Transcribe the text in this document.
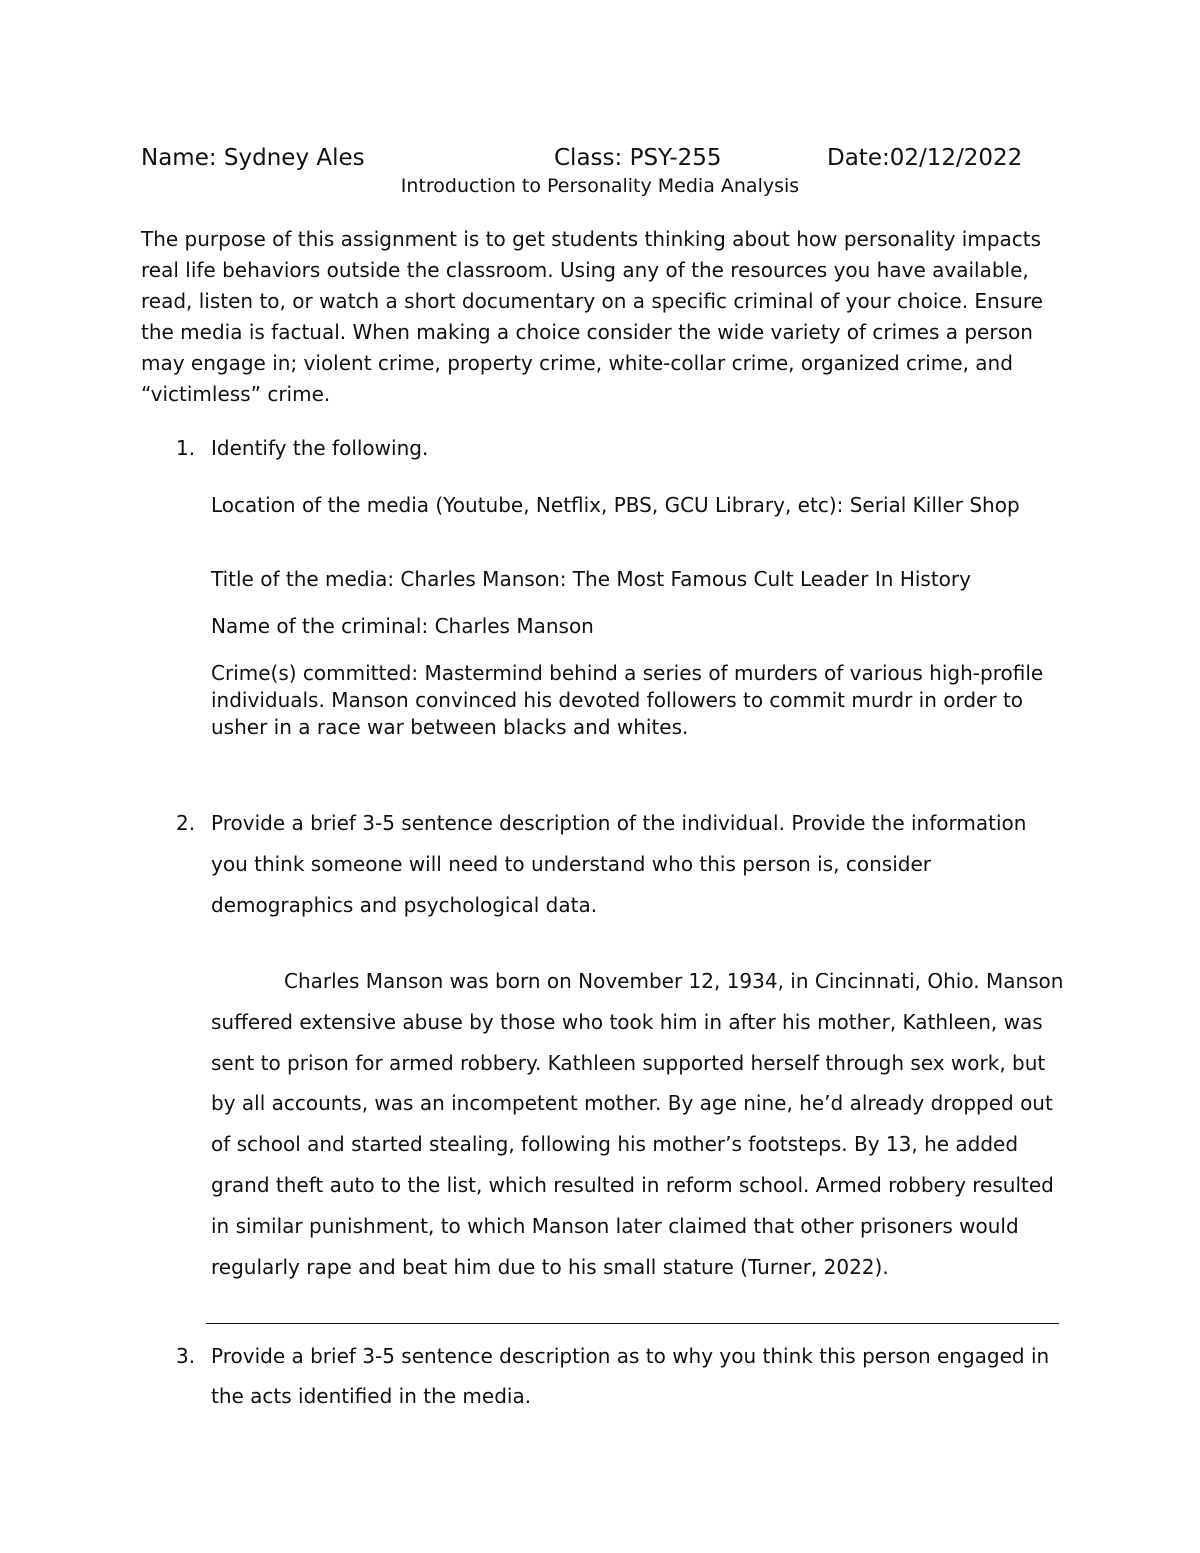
Name: Sydney Ales	Class: PSY-255	Date:02/12/2022
Introduction to Personality Media Analysis

The purpose of this assignment is to get students thinking about how personality impacts real life behaviors outside the classroom. Using any of the resources you have available, read, listen to, or watch a short documentary on a specific criminal of your choice. Ensure the media is factual. When making a choice consider the wide variety of crimes a person may engage in; violent crime, property crime, white-collar crime, organized crime, and “victimless” crime.

1. Identify the following.

Location of the media (Youtube, Netflix, PBS, GCU Library, etc): Serial Killer Shop

Title of the media: Charles Manson: The Most Famous Cult Leader In History

Name of the criminal: Charles Manson

Crime(s) committed: Mastermind behind a series of murders of various high-profile individuals. Manson convinced his devoted followers to commit murdr in order to usher in a race war between blacks and whites.

2. Provide a brief 3-5 sentence description of the individual. Provide the information you think someone will need to understand who this person is, consider demographics and psychological data.

Charles Manson was born on November 12, 1934, in Cincinnati, Ohio. Manson suffered extensive abuse by those who took him in after his mother, Kathleen, was sent to prison for armed robbery. Kathleen supported herself through sex work, but by all accounts, was an incompetent mother. By age nine, he’d already dropped out of school and started stealing, following his mother’s footsteps. By 13, he added grand theft auto to the list, which resulted in reform school. Armed robbery resulted in similar punishment, to which Manson later claimed that other prisoners would regularly rape and beat him due to his small stature (Turner, 2022).

3. Provide a brief 3-5 sentence description as to why you think this person engaged in the acts identified in the media.
